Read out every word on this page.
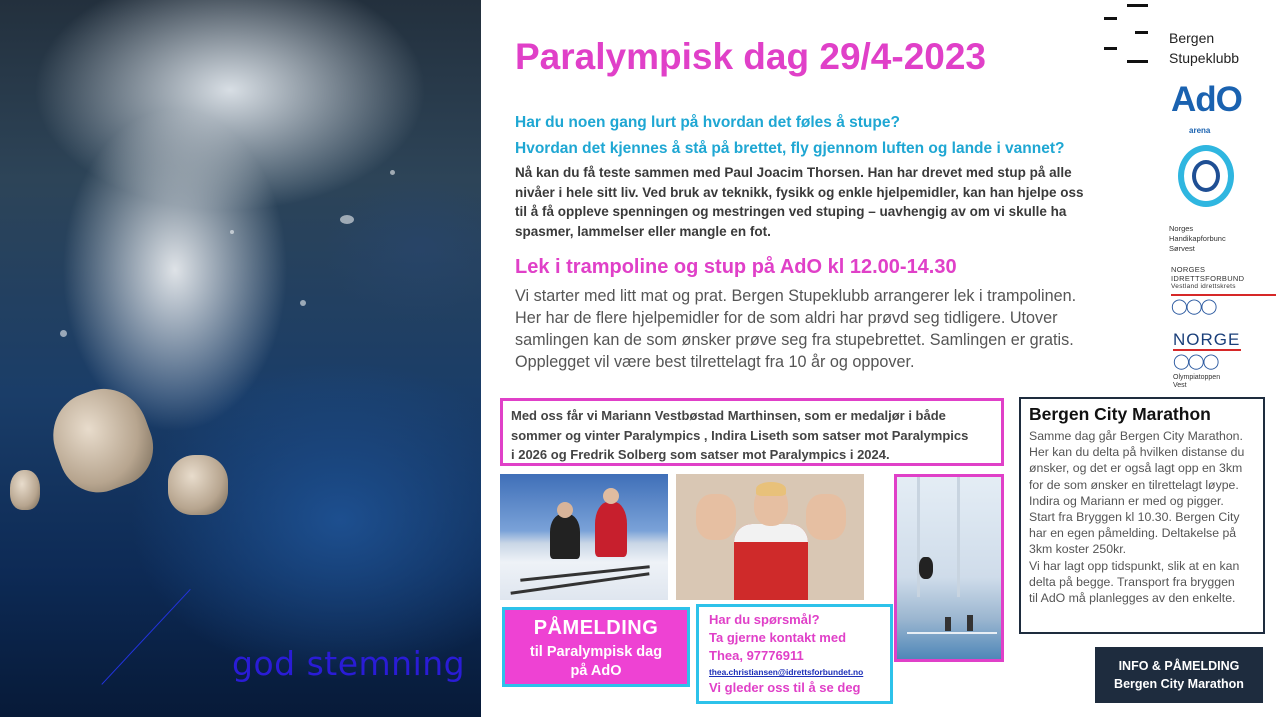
god stemning
Paralympisk dag 29/4-2023
Har du noen gang lurt på hvordan det føles å stupe?
Hvordan det kjennes å stå på brettet, fly gjennom luften og lande i vannet?
Nå kan du få teste sammen med Paul Joacim Thorsen. Han har drevet med stup på alle
nivåer i hele sitt liv. Ved bruk av teknikk, fysikk og enkle hjelpemidler, kan han hjelpe oss
til å få oppleve spenningen og mestringen ved stuping – uavhengig av om vi skulle ha
spasmer, lammelser eller mangle en fot.
Lek i trampoline og stup på AdO kl 12.00-14.30
Vi starter med litt mat og prat. Bergen Stupeklubb arrangerer lek i trampolinen.
Her har de flere hjelpemidler for de som aldri har prøvd seg tidligere. Utover
samlingen kan de som ønsker prøve seg fra stupebrettet. Samlingen er gratis.
Opplegget vil være best tilrettelagt fra 10 år og oppover.
Bergen
Stupeklubb
AdO
arena
Norges
Handikapforbunc
Sørvest
NORGES
IDRETTSFORBUND
Vestland idrettskrets
◯◯◯
NORGE
◯◯◯
Olympiatoppen
Vest
Med oss får vi Mariann Vestbøstad Marthinsen, som er medaljør i både
sommer og vinter Paralympics , Indira Liseth som satser mot Paralympics
i 2026 og Fredrik Solberg som satser mot Paralympics i 2024.
Bergen City Marathon
Samme dag går Bergen City Marathon.
Her kan du delta på hvilken distanse du
ønsker, og det er også lagt opp en 3km
for de som ønsker en tilrettelagt løype.
Indira og Mariann er med og pigger.
Start fra Bryggen kl 10.30. Bergen City
har en egen påmelding. Deltakelse på
3km koster 250kr.
Vi har lagt opp tidspunkt, slik at en kan
delta på begge. Transport fra bryggen
til AdO må planlegges av den enkelte.
PÅMELDING
til Paralympisk dag
på AdO
Har du spørsmål?
Ta gjerne kontakt med
Thea, 97776911
thea.christiansen@idrettsforbundet.no
Vi gleder oss til å se deg
INFO & PÅMELDING
Bergen City Marathon
